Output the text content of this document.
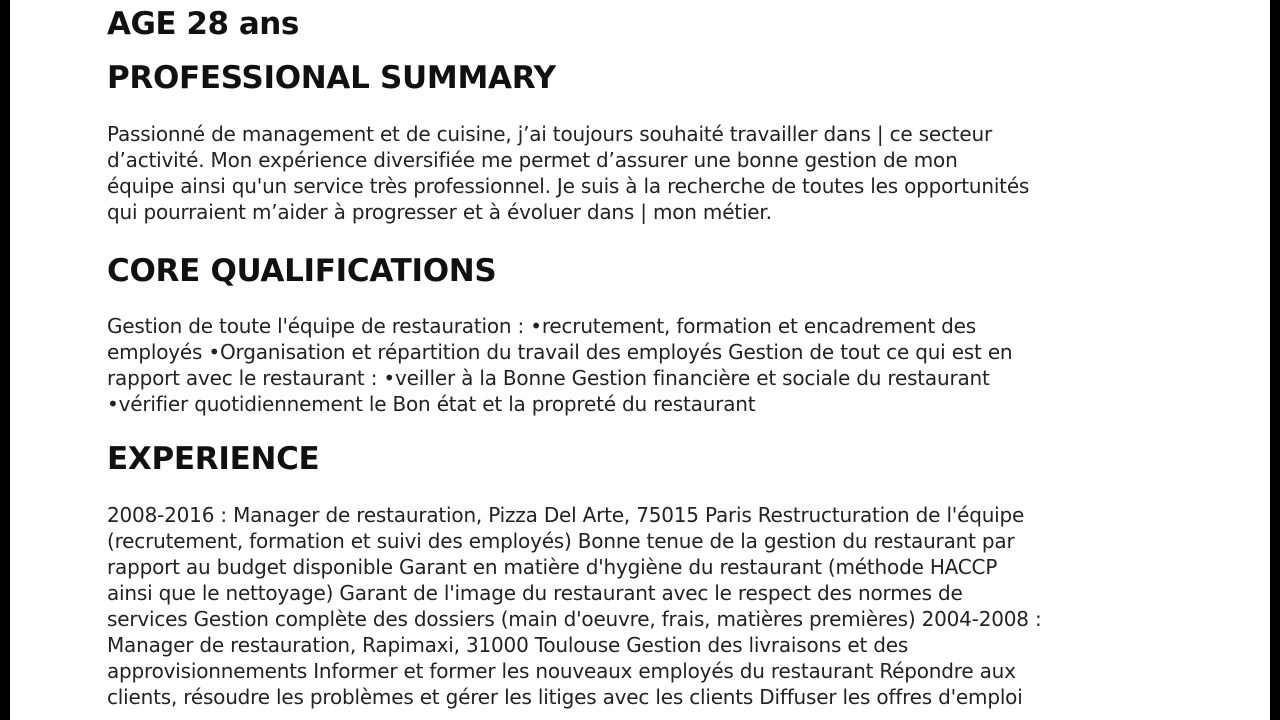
AGE 28 ans
PROFESSIONAL SUMMARY
Passionné de management et de cuisine, j’ai toujours souhaité travailler dans | ce secteur
d’activité. Mon expérience diversifiée me permet d’assurer une bonne gestion de mon
équipe ainsi qu'un service très professionnel. Je suis à la recherche de toutes les opportunités
qui pourraient m’aider à progresser et à évoluer dans | mon métier.
CORE QUALIFICATIONS
Gestion de toute l'équipe de restauration : •recrutement, formation et encadrement des
employés •Organisation et répartition du travail des employés Gestion de tout ce qui est en
rapport avec le restaurant : •veiller à la Bonne Gestion financière et sociale du restaurant
•vérifier quotidiennement le Bon état et la propreté du restaurant
EXPERIENCE
2008-2016 : Manager de restauration, Pizza Del Arte, 75015 Paris Restructuration de l'équipe
(recrutement, formation et suivi des employés) Bonne tenue de la gestion du restaurant par
rapport au budget disponible Garant en matière d'hygiène du restaurant (méthode HACCP
ainsi que le nettoyage) Garant de l'image du restaurant avec le respect des normes de
services Gestion complète des dossiers (main d'oeuvre, frais, matières premières) 2004-2008 :
Manager de restauration, Rapimaxi, 31000 Toulouse Gestion des livraisons et des
approvisionnements Informer et former les nouveaux employés du restaurant Répondre aux
clients, résoudre les problèmes et gérer les litiges avec les clients Diffuser les offres d'emploi
